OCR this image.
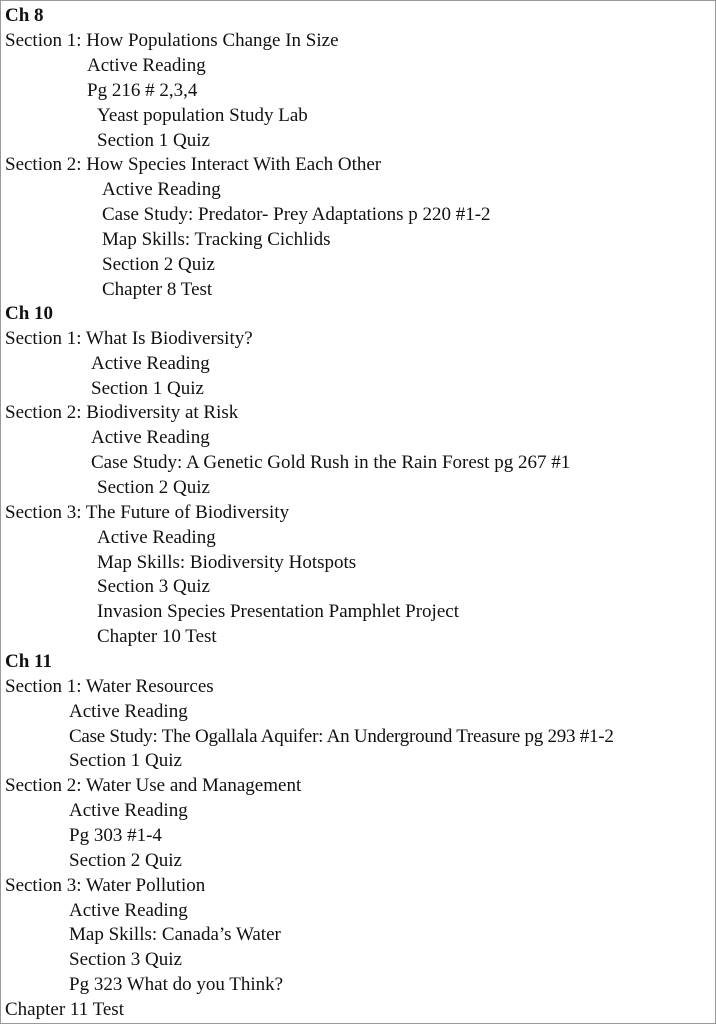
Ch 8
Section 1: How Populations Change In Size
Active Reading
Pg 216 # 2,3,4
Yeast population Study Lab
Section 1 Quiz
Section 2: How Species Interact With Each Other
Active Reading
Case Study: Predator- Prey Adaptations p 220 #1-2
Map Skills: Tracking Cichlids
Section 2 Quiz
Chapter 8 Test
Ch 10
Section 1: What Is Biodiversity?
Active Reading
Section 1 Quiz
Section 2: Biodiversity at Risk
Active Reading
Case Study: A Genetic Gold Rush in the Rain Forest pg 267 #1
Section 2 Quiz
Section 3: The Future of Biodiversity
Active Reading
Map Skills: Biodiversity Hotspots
Section 3 Quiz
Invasion Species Presentation Pamphlet Project
Chapter 10 Test
Ch 11
Section 1: Water Resources
Active Reading
Case Study: The Ogallala Aquifer: An Underground Treasure pg 293 #1-2
Section 1 Quiz
Section 2: Water Use and Management
Active Reading
Pg 303 #1-4
Section 2 Quiz
Section 3: Water Pollution
Active Reading
Map Skills: Canada’s Water
Section 3 Quiz
Pg 323 What do you Think?
Chapter 11 Test
